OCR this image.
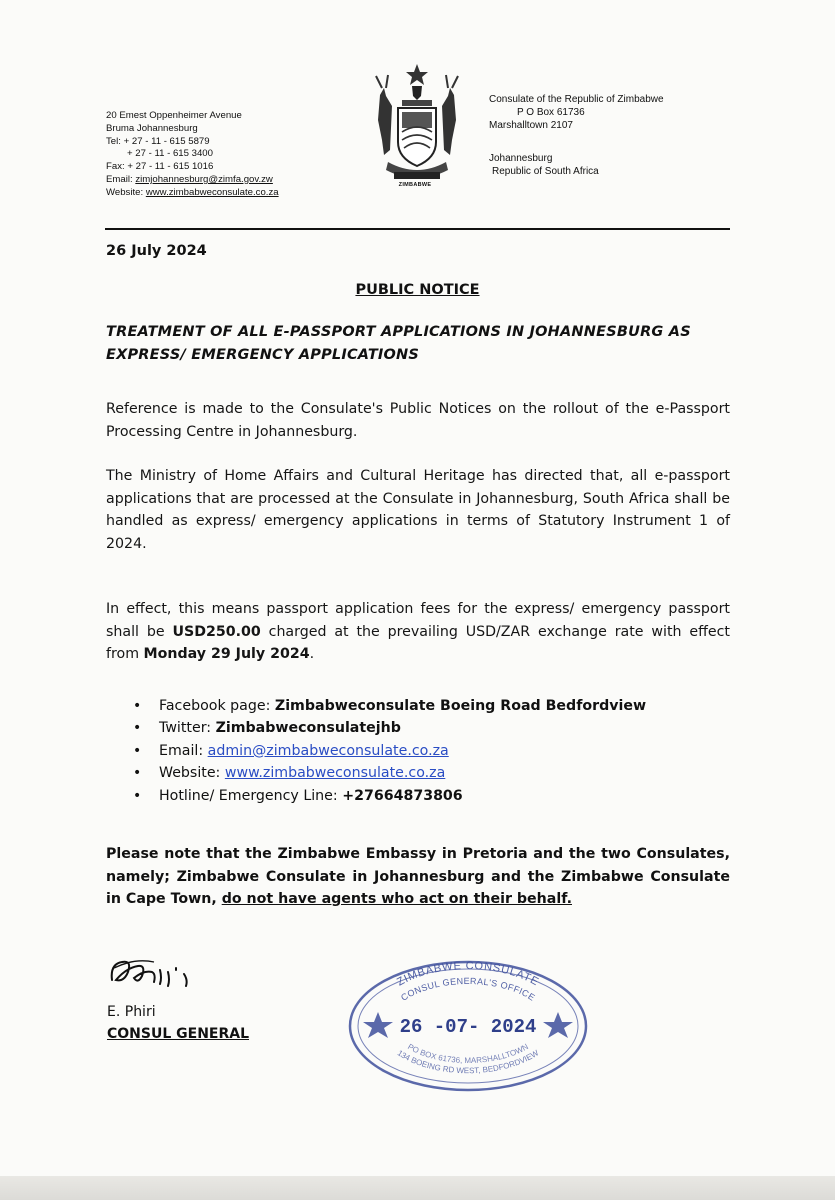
20 Emest Oppenheimer Avenue
Bruma Johannesburg
Tel: + 27 - 11 - 615 5879
+ 27 - 11 - 615 3400
Fax: + 27 - 11 - 615 1016
Email: zimjohannesburg@zimfa.gov.zw
Website: www.zimbabweconsulate.co.za
ZIMBABWE
Consulate of the Republic of Zimbabwe
P O Box 61736
Marshalltown 2107
Johannesburg
Republic of South Africa
26 July 2024
PUBLIC NOTICE
TREATMENT OF ALL E-PASSPORT APPLICATIONS IN JOHANNESBURG AS EXPRESS/ EMERGENCY APPLICATIONS
Reference is made to the Consulate's Public Notices on the rollout of the e-Passport Processing Centre in Johannesburg.
The Ministry of Home Affairs and Cultural Heritage has directed that, all e-passport applications that are processed at the Consulate in Johannesburg, South Africa shall be handled as express/ emergency applications in terms of Statutory Instrument 1 of 2024.
In effect, this means passport application fees for the express/ emergency passport shall be USD250.00 charged at the prevailing USD/ZAR exchange rate with effect from Monday 29 July 2024.
• Facebook page: Zimbabweconsulate Boeing Road Bedfordview
• Twitter: Zimbabweconsulatejhb
• Email: admin@zimbabweconsulate.co.za
• Website: www.zimbabweconsulate.co.za
• Hotline/ Emergency Line: +27664873806
Please note that the Zimbabwe Embassy in Pretoria and the two Consulates, namely; Zimbabwe Consulate in Johannesburg and the Zimbabwe Consulate in Cape Town, do not have agents who act on their behalf.
E. Phiri
CONSUL GENERAL
ZIMBABWE CONSULATE
CONSUL GENERAL'S OFFICE
26 -07- 2024
134 BOEING RD WEST, BEDFORDVIEW
PO BOX 61736, MARSHALLTOWN
